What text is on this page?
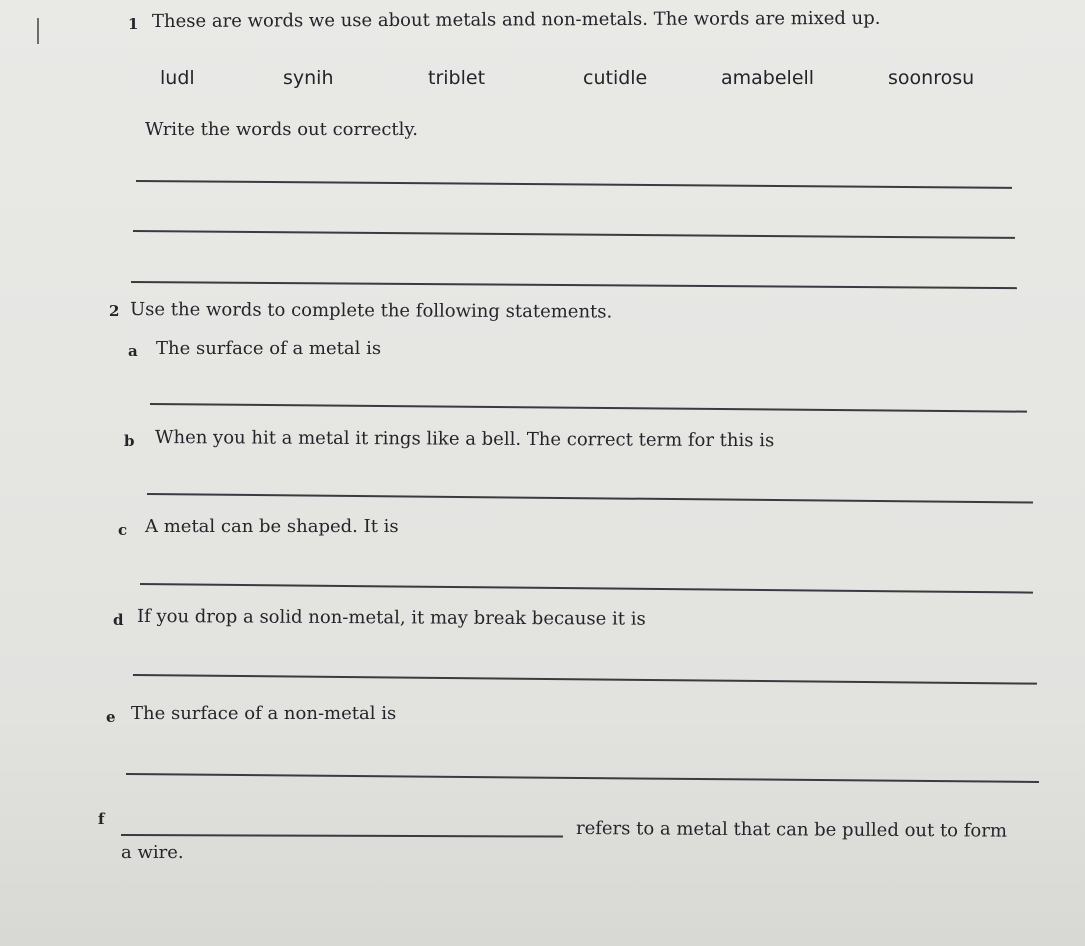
1 These are words we use about metals and non-metals. The words are mixed up.
ludl	synih	triblet	cutidle	amabelell	soonrosu
Write the words out correctly.
2 Use the words to complete the following statements.
a The surface of a metal is
b When you hit a metal it rings like a bell. The correct term for this is
c A metal can be shaped. It is
d If you drop a solid non-metal, it may break because it is
e The surface of a non-metal is
f	refers to a metal that can be pulled out to form
a wire.
